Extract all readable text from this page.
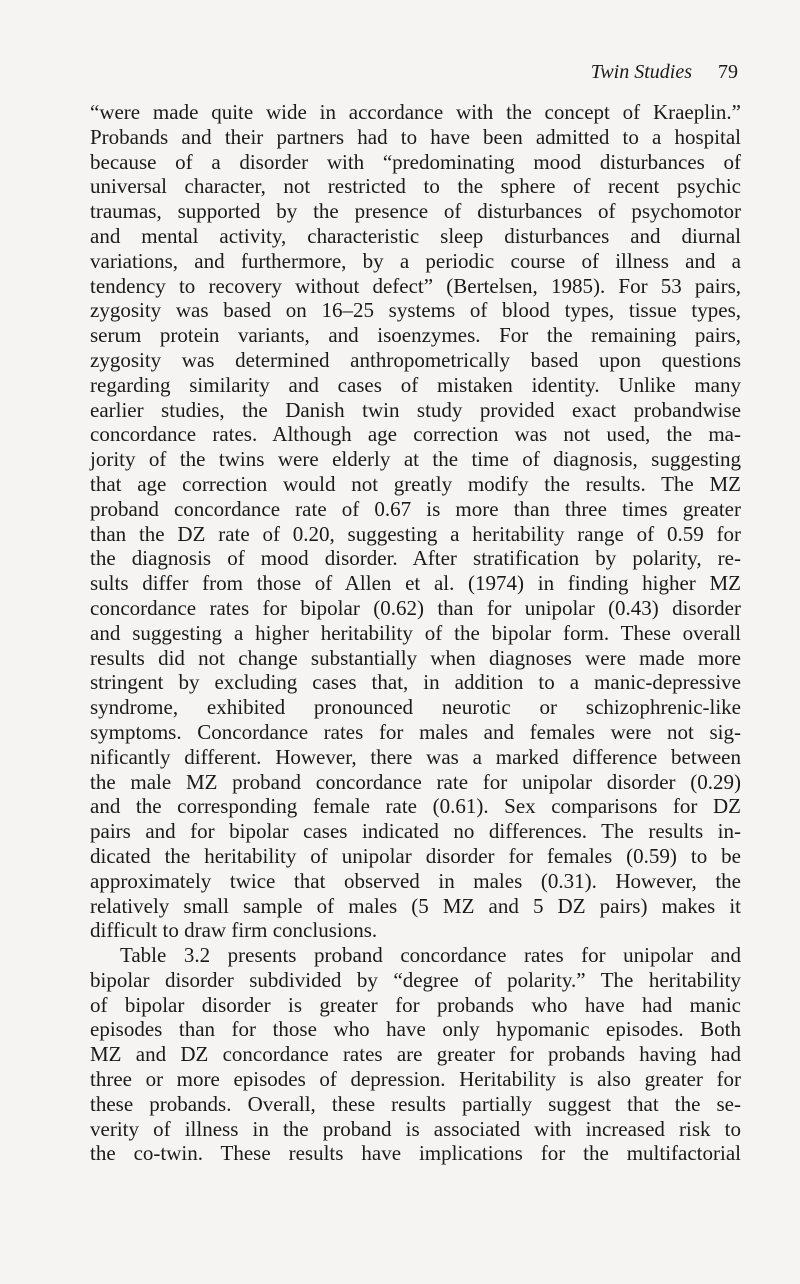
Twin Studies 79
“were made quite wide in accordance with the concept of Kraeplin.”
Probands and their partners had to have been admitted to a hospital
because of a disorder with “predominating mood disturbances of
universal character, not restricted to the sphere of recent psychic
traumas, supported by the presence of disturbances of psychomotor
and mental activity, characteristic sleep disturbances and diurnal
variations, and furthermore, by a periodic course of illness and a
tendency to recovery without defect” (Bertelsen, 1985). For 53 pairs,
zygosity was based on 16–25 systems of blood types, tissue types,
serum protein variants, and isoenzymes. For the remaining pairs,
zygosity was determined anthropometrically based upon questions
regarding similarity and cases of mistaken identity. Unlike many
earlier studies, the Danish twin study provided exact probandwise
concordance rates. Although age correction was not used, the ma-
jority of the twins were elderly at the time of diagnosis, suggesting
that age correction would not greatly modify the results. The MZ
proband concordance rate of 0.67 is more than three times greater
than the DZ rate of 0.20, suggesting a heritability range of 0.59 for
the diagnosis of mood disorder. After stratification by polarity, re-
sults differ from those of Allen et al. (1974) in finding higher MZ
concordance rates for bipolar (0.62) than for unipolar (0.43) disorder
and suggesting a higher heritability of the bipolar form. These overall
results did not change substantially when diagnoses were made more
stringent by excluding cases that, in addition to a manic-depressive
syndrome, exhibited pronounced neurotic or schizophrenic-like
symptoms. Concordance rates for males and females were not sig-
nificantly different. However, there was a marked difference between
the male MZ proband concordance rate for unipolar disorder (0.29)
and the corresponding female rate (0.61). Sex comparisons for DZ
pairs and for bipolar cases indicated no differences. The results in-
dicated the heritability of unipolar disorder for females (0.59) to be
approximately twice that observed in males (0.31). However, the
relatively small sample of males (5 MZ and 5 DZ pairs) makes it
difficult to draw firm conclusions.
Table 3.2 presents proband concordance rates for unipolar and
bipolar disorder subdivided by “degree of polarity.” The heritability
of bipolar disorder is greater for probands who have had manic
episodes than for those who have only hypomanic episodes. Both
MZ and DZ concordance rates are greater for probands having had
three or more episodes of depression. Heritability is also greater for
these probands. Overall, these results partially suggest that the se-
verity of illness in the proband is associated with increased risk to
the co-twin. These results have implications for the multifactorial
